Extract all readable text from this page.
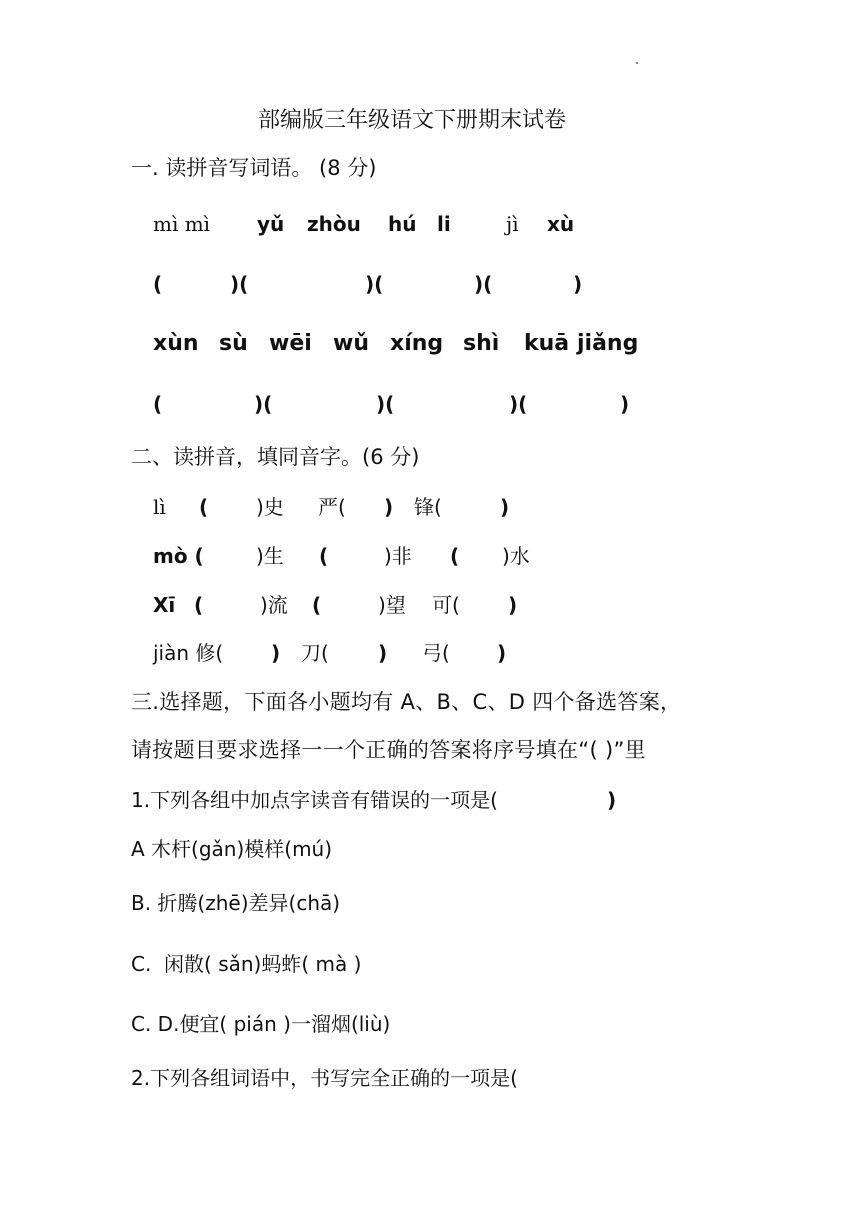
部编版三年级语文下册期末试卷
一. 读拼音写词语。 (8 分)
mì mì yǔ zhòu hú li	jì xù
(	)(	)(	)(	)
xùn sù wēi wǔ xíng shì kuā jiǎng
(	)(	)(	)(	)
二、读拼音，填同音字。(6 分)
lì ( )史 严( ) 锋(	)
mò (	)生 (	)非 ( )水
Xī (	)流 (	)望 可( )
jiàn 修( ) 刀( ) 弓( )
三.选择题，下面各小题均有 A、B、C、D 四个备选答案，
请按题目要求选择一一个正确的答案将序号填在“( )”里
1.下列各组中加点字读音有错误的一项是(	)
A 木杆(gǎn)模样(mú)
B. 折腾(zhē)差异(chā)
C.  闲散( sǎn)蚂蚱( mà )
C. D.便宜( pián )一溜烟(liù)
2.下列各组词语中，书写完全正确的一项是(
